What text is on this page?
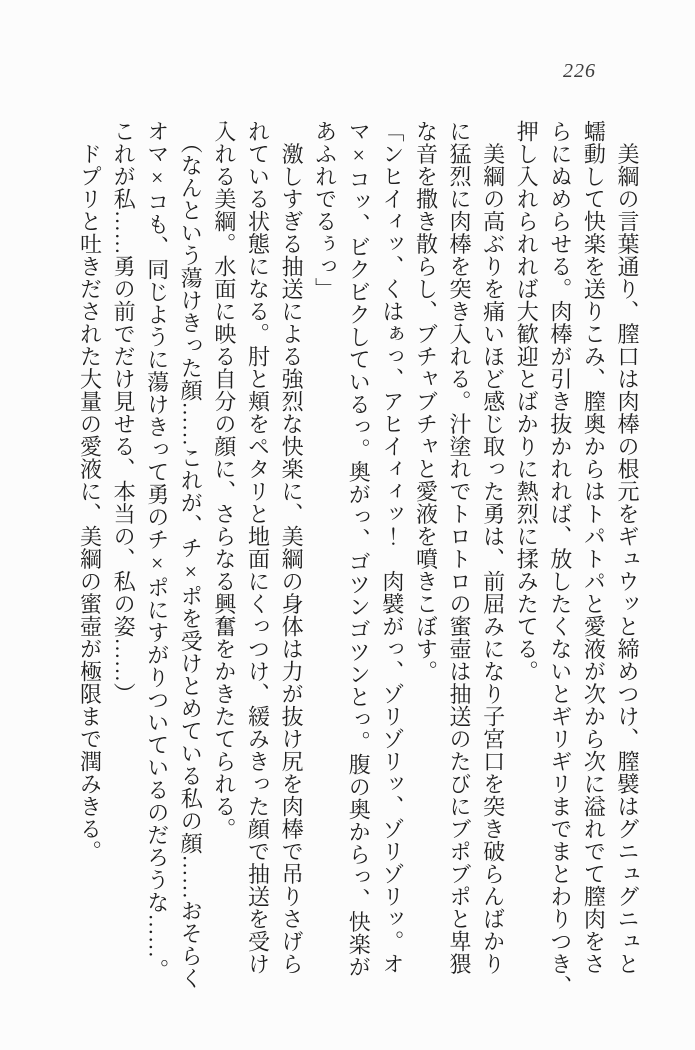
226

　美綱の言葉通り、膣口は肉棒の根元をギュウッと締めつけ、膣襞はグニュグニュと

蠕動して快楽を送りこみ、膣奥からはトパトパと愛液が次から次に溢れでて膣肉をさ

らにぬめらせる。肉棒が引き抜かれれば、放したくないとギリギリまでまとわりつき、

押し入れられれば大歓迎とばかりに熱烈に揉みたてる。

　美綱の高ぶりを痛いほど感じ取った勇は、前屈みになり子宮口を突き破らんばかり

に猛烈に肉棒を突き入れる。汁塗れでトロトロの蜜壺は抽送のたびにブポブポと卑猥

な音を撒き散らし、ブチャブチャと愛液を噴きこぼす。

「ンヒイィッ、くはぁっ、アヒイィィッ！　肉襞がっ、ゾリゾリッ、ゾリゾリッ。オ

マ×コッ、ビクビクしているっ。奥がっ、ゴツンゴツンとっ。腹の奥からっ、快楽が

あふれでるぅっ」

　激しすぎる抽送による強烈な快楽に、美綱の身体は力が抜け尻を肉棒で吊りさげら

れている状態になる。肘と頬をペタリと地面にくっつけ、緩みきった顔で抽送を受け

入れる美綱。水面に映る自分の顔に、さらなる興奮をかきたてられる。

　（なんという蕩けきった顔……これが、チ×ポを受けとめている私の顔……おそらく

オマ×コも、同じように蕩けきって勇のチ×ポにすがりついているのだろうな……。

これが私……勇の前でだけ見せる、本当の、私の姿……）

　ドプリと吐きだされた大量の愛液に、美綱の蜜壺が極限まで潤みきる。
